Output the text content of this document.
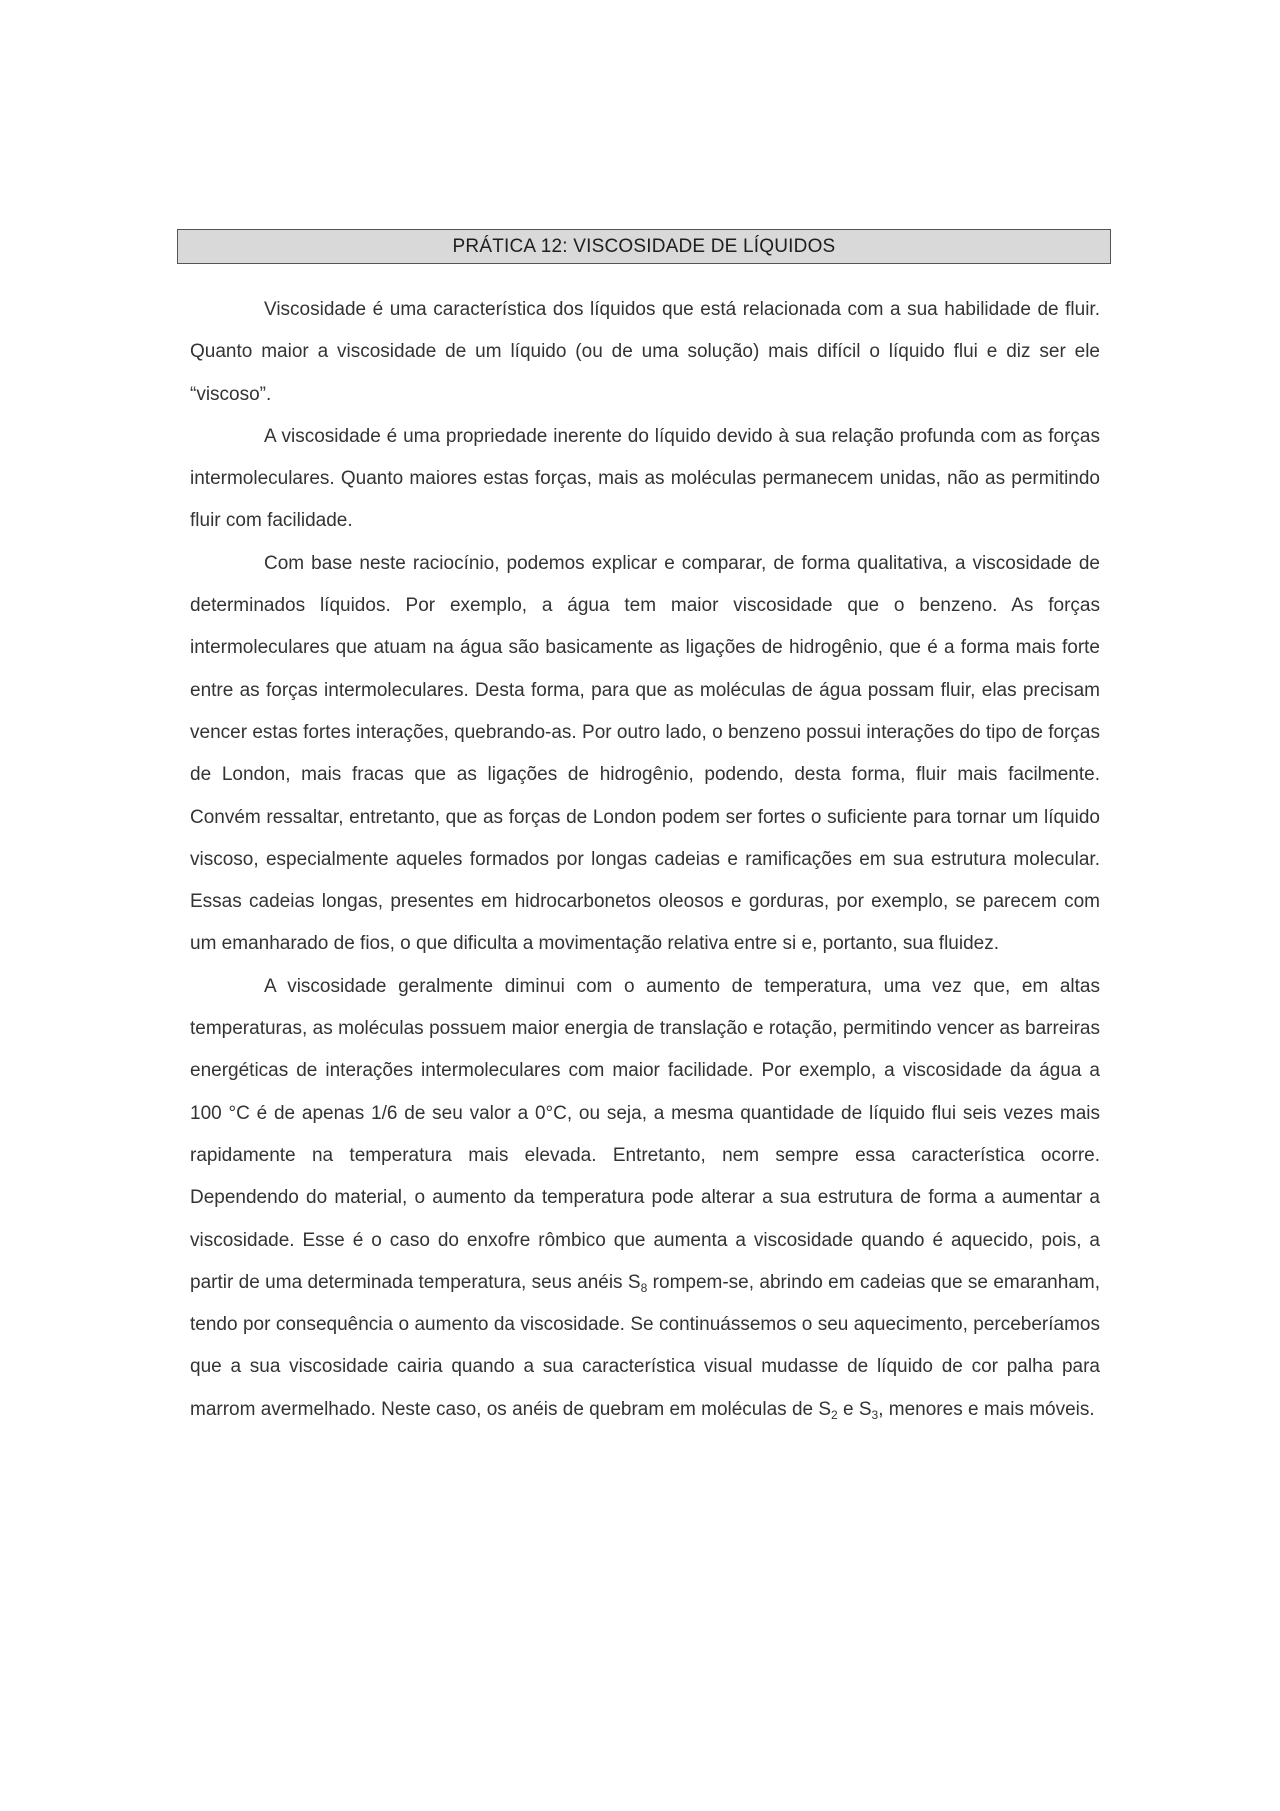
PRÁTICA 12: VISCOSIDADE DE LÍQUIDOS

Viscosidade é uma característica dos líquidos que está relacionada com a sua habilidade de fluir. Quanto maior a viscosidade de um líquido (ou de uma solução) mais difícil o líquido flui e diz ser ele “viscoso”.

A viscosidade é uma propriedade inerente do líquido devido à sua relação profunda com as forças intermoleculares. Quanto maiores estas forças, mais as moléculas permanecem unidas, não as permitindo fluir com facilidade.

Com base neste raciocínio, podemos explicar e comparar, de forma qualitativa, a viscosidade de determinados líquidos. Por exemplo, a água tem maior viscosidade que o benzeno. As forças intermoleculares que atuam na água são basicamente as ligações de hidrogênio, que é a forma mais forte entre as forças intermoleculares. Desta forma, para que as moléculas de água possam fluir, elas precisam vencer estas fortes interações, quebrando-as. Por outro lado, o benzeno possui interações do tipo de forças de London, mais fracas que as ligações de hidrogênio, podendo, desta forma, fluir mais facilmente. Convém ressaltar, entretanto, que as forças de London podem ser fortes o suficiente para tornar um líquido viscoso, especialmente aqueles formados por longas cadeias e ramificações em sua estrutura molecular. Essas cadeias longas, presentes em hidrocarbonetos oleosos e gorduras, por exemplo, se parecem com um emanharado de fios, o que dificulta a movimentação relativa entre si e, portanto, sua fluidez.

A viscosidade geralmente diminui com o aumento de temperatura, uma vez que, em altas temperaturas, as moléculas possuem maior energia de translação e rotação, permitindo vencer as barreiras energéticas de interações intermoleculares com maior facilidade. Por exemplo, a viscosidade da água a 100 °C é de apenas 1/6 de seu valor a 0°C, ou seja, a mesma quantidade de líquido flui seis vezes mais rapidamente na temperatura mais elevada. Entretanto, nem sempre essa característica ocorre. Dependendo do material, o aumento da temperatura pode alterar a sua estrutura de forma a aumentar a viscosidade. Esse é o caso do enxofre rômbico que aumenta a viscosidade quando é aquecido, pois, a partir de uma determinada temperatura, seus anéis $S_8$ rompem-se, abrindo em cadeias que se emaranham, tendo por consequência o aumento da viscosidade. Se continuássemos o seu aquecimento, perceberíamos que a sua viscosidade cairia quando a sua característica visual mudasse de líquido de cor palha para marrom avermelhado. Neste caso, os anéis de quebram em moléculas de $S_2$ e $S_3$, menores e mais móveis.
